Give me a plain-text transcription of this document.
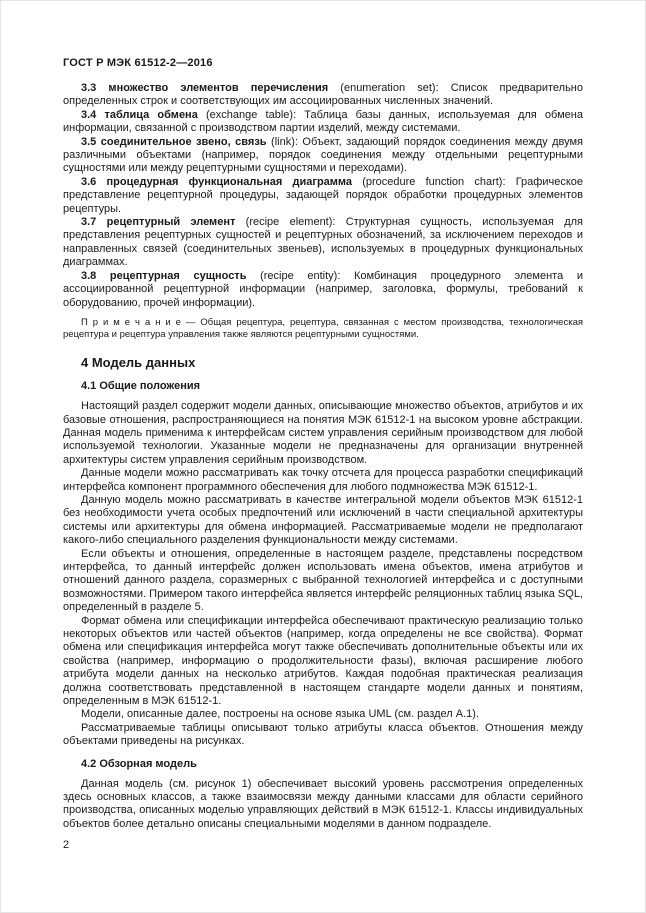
ГОСТ Р МЭК 61512-2—2016

3.3 множество элементов перечисления (enumeration set): Список предварительно определенных строк и соответствующих им ассоциированных численных значений.

3.4 таблица обмена (exchange table): Таблица базы данных, используемая для обмена информации, связанной с производством партии изделий, между системами.

3.5 соединительное звено, связь (link): Объект, задающий порядок соединения между двумя различными объектами (например, порядок соединения между отдельными рецептурными сущностями или между рецептурными сущностями и переходами).

3.6 процедурная функциональная диаграмма (procedure function chart): Графическое представление рецептурной процедуры, задающей порядок обработки процедурных элементов рецептуры.

3.7 рецептурный элемент (recipe element): Структурная сущность, используемая для представления рецептурных сущностей и рецептурных обозначений, за исключением переходов и направленных связей (соединительных звеньев), используемых в процедурных функциональных диаграммах.

3.8 рецептурная сущность (recipe entity): Комбинация процедурного элемента и ассоциированной рецептурной информации (например, заголовка, формулы, требований к оборудованию, прочей информации).

П р и м е ч а н и е — Общая рецептура, рецептура, связанная с местом производства, технологическая рецептура и рецептура управления также являются рецептурными сущностями.

4 Модель данных
4.1 Общие положения

Настоящий раздел содержит модели данных, описывающие множество объектов, атрибутов и их базовые отношения, распространяющиеся на понятия МЭК 61512-1 на высоком уровне абстракции. Данная модель применима к интерфейсам систем управления серийным производством для любой используемой технологии. Указанные модели не предназначены для организации внутренней архитектуры систем управления серийным производством.

Данные модели можно рассматривать как точку отсчета для процесса разработки спецификаций интерфейса компонент программного обеспечения для любого подмножества МЭК 61512-1.

Данную модель можно рассматривать в качестве интегральной модели объектов МЭК 61512-1 без необходимости учета особых предпочтений или исключений в части специальной архитектуры системы или архитектуры для обмена информацией. Рассматриваемые модели не предполагают какого-либо специального разделения функциональности между системами.

Если объекты и отношения, определенные в настоящем разделе, представлены посредством интерфейса, то данный интерфейс должен использовать имена объектов, имена атрибутов и отношений данного раздела, соразмерных с выбранной технологией интерфейса и с доступными возможностями. Примером такого интерфейса является интерфейс реляционных таблиц языка SQL, определенный в разделе 5.

Формат обмена или спецификации интерфейса обеспечивают практическую реализацию только некоторых объектов или частей объектов (например, когда определены не все свойства). Формат обмена или спецификация интерфейса могут также обеспечивать дополнительные объекты или их свойства (например, информацию о продолжительности фазы), включая расширение любого атрибута модели данных на несколько атрибутов. Каждая подобная практическая реализация должна соответствовать представленной в настоящем стандарте модели данных и понятиям, определенным в МЭК 61512-1.

Модели, описанные далее, построены на основе языка UML (см. раздел А.1).

Рассматриваемые таблицы описывают только атрибуты класса объектов. Отношения между объектами приведены на рисунках.

4.2 Обзорная модель

Данная модель (см. рисунок 1) обеспечивает высокий уровень рассмотрения определенных здесь основных классов, а также взаимосвязи между данными классами для области серийного производства, описанных моделью управляющих действий в МЭК 61512-1. Классы индивидуальных объектов более детально описаны специальными моделями в данном подразделе.

2
